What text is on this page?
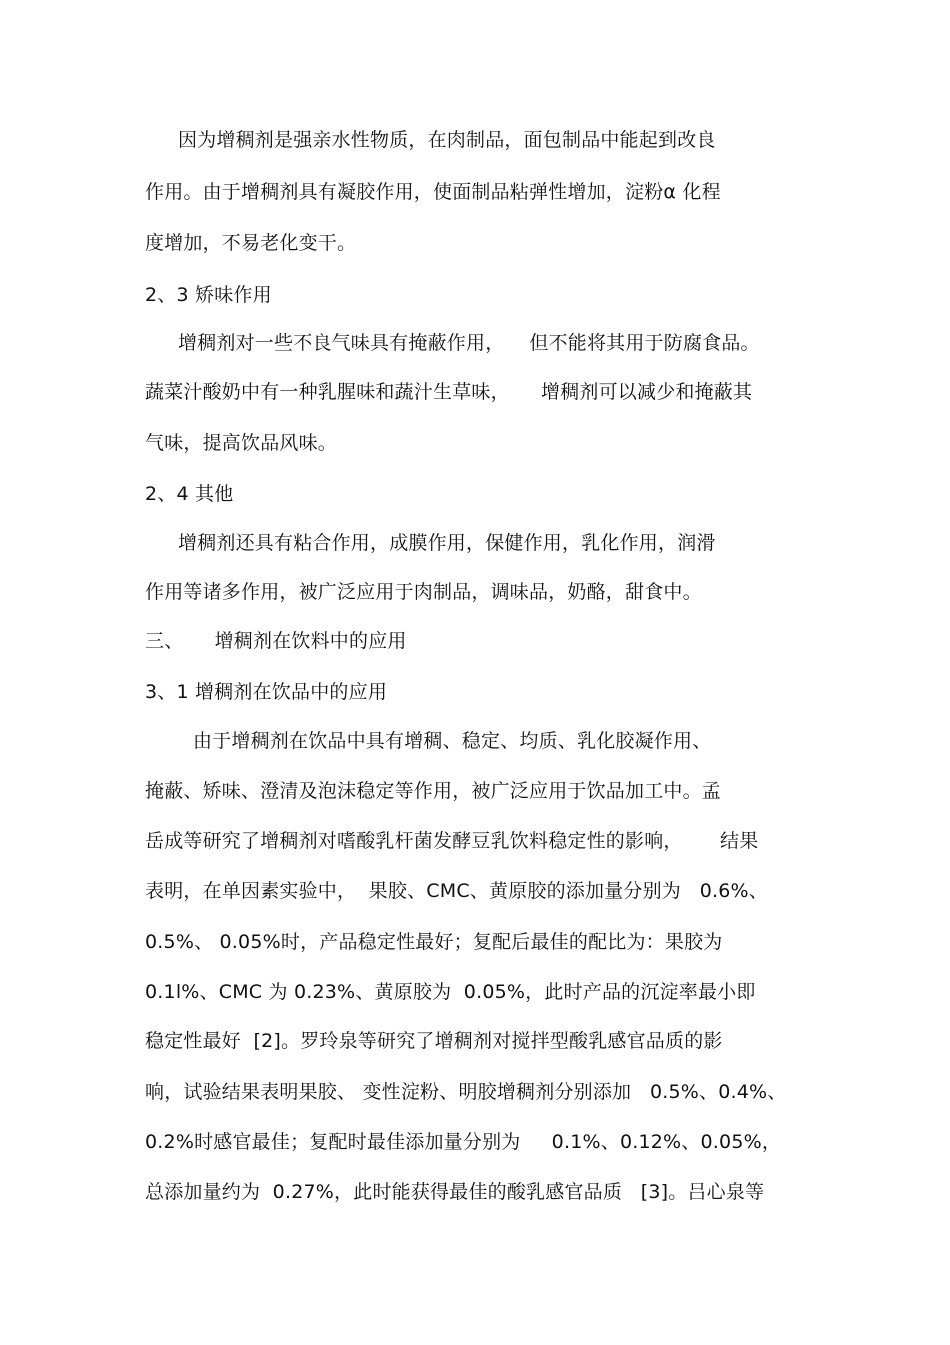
因为增稠剂是强亲水性物质，在肉制品，面包制品中能起到改良
作用。由于增稠剂具有凝胶作用，使面制品粘弹性增加，淀粉α 化程
度增加，不易老化变干。
2、3 矫味作用
增稠剂对一些不良气味具有掩蔽作用，    但不能将其用于防腐食品。
蔬菜汁酸奶中有一种乳腥味和蔬汁生草味，     增稠剂可以减少和掩蔽其
气味，提高饮品风味。
2、4 其他
增稠剂还具有粘合作用，成膜作用，保健作用，乳化作用，润滑
作用等诸多作用，被广泛应用于肉制品，调味品，奶酪，甜食中。
三、     增稠剂在饮料中的应用
3、1 增稠剂在饮品中的应用
由于增稠剂在饮品中具有增稠、稳定、均质、乳化胶凝作用、
掩蔽、矫味、澄清及泡沫稳定等作用，被广泛应用于饮品加工中。孟
岳成等研究了增稠剂对嗜酸乳杆菌发酵豆乳饮料稳定性的影响，      结果
表明，在单因素实验中，  果胶、CMC、黄原胶的添加量分别为   0.6%、
0.5%、 0.05%时，产品稳定性最好；复配后最佳的配比为：果胶为
0.1l%、CMC 为 0.23%、黄原胶为  0.05%，此时产品的沉淀率最小即
稳定性最好  [2]。罗玲泉等研究了增稠剂对搅拌型酸乳感官品质的影
响，试验结果表明果胶、 变性淀粉、明胶增稠剂分别添加   0.5%、0.4%、
0.2%时感官最佳；复配时最佳添加量分别为     0.1%、0.12%、0.05%，
总添加量约为  0.27%，此时能获得最佳的酸乳感官品质   [3]。吕心泉等
